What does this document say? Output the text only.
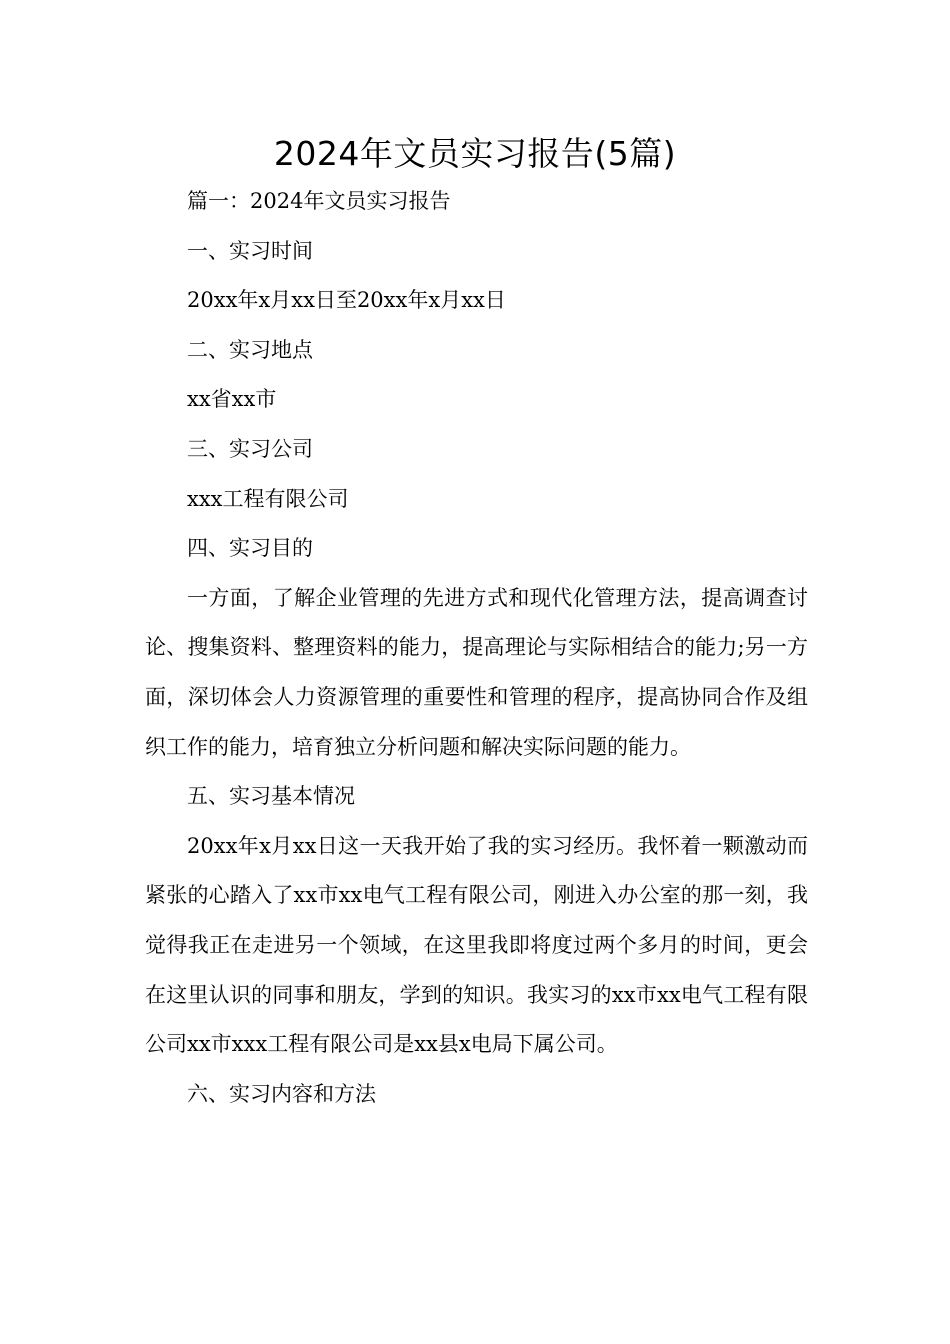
2024年文员实习报告(5篇)

篇一：2024年文员实习报告

一、实习时间

20xx年x月xx日至20xx年x月xx日

二、实习地点

xx省xx市

三、实习公司

xxx工程有限公司

四、实习目的

一方面，了解企业管理的先进方式和现代化管理方法，提高调查讨论、搜集资料、整理资料的能力，提高理论与实际相结合的能力;另一方面，深切体会人力资源管理的重要性和管理的程序，提高协同合作及组织工作的能力，培育独立分析问题和解决实际问题的能力。

五、实习基本情况

20xx年x月xx日这一天我开始了我的实习经历。我怀着一颗激动而紧张的心踏入了xx市xx电气工程有限公司，刚进入办公室的那一刻，我觉得我正在走进另一个领域，在这里我即将度过两个多月的时间，更会在这里认识的同事和朋友，学到的知识。我实习的xx市xx电气工程有限公司xx市xxx工程有限公司是xx县x电局下属公司。

六、实习内容和方法
